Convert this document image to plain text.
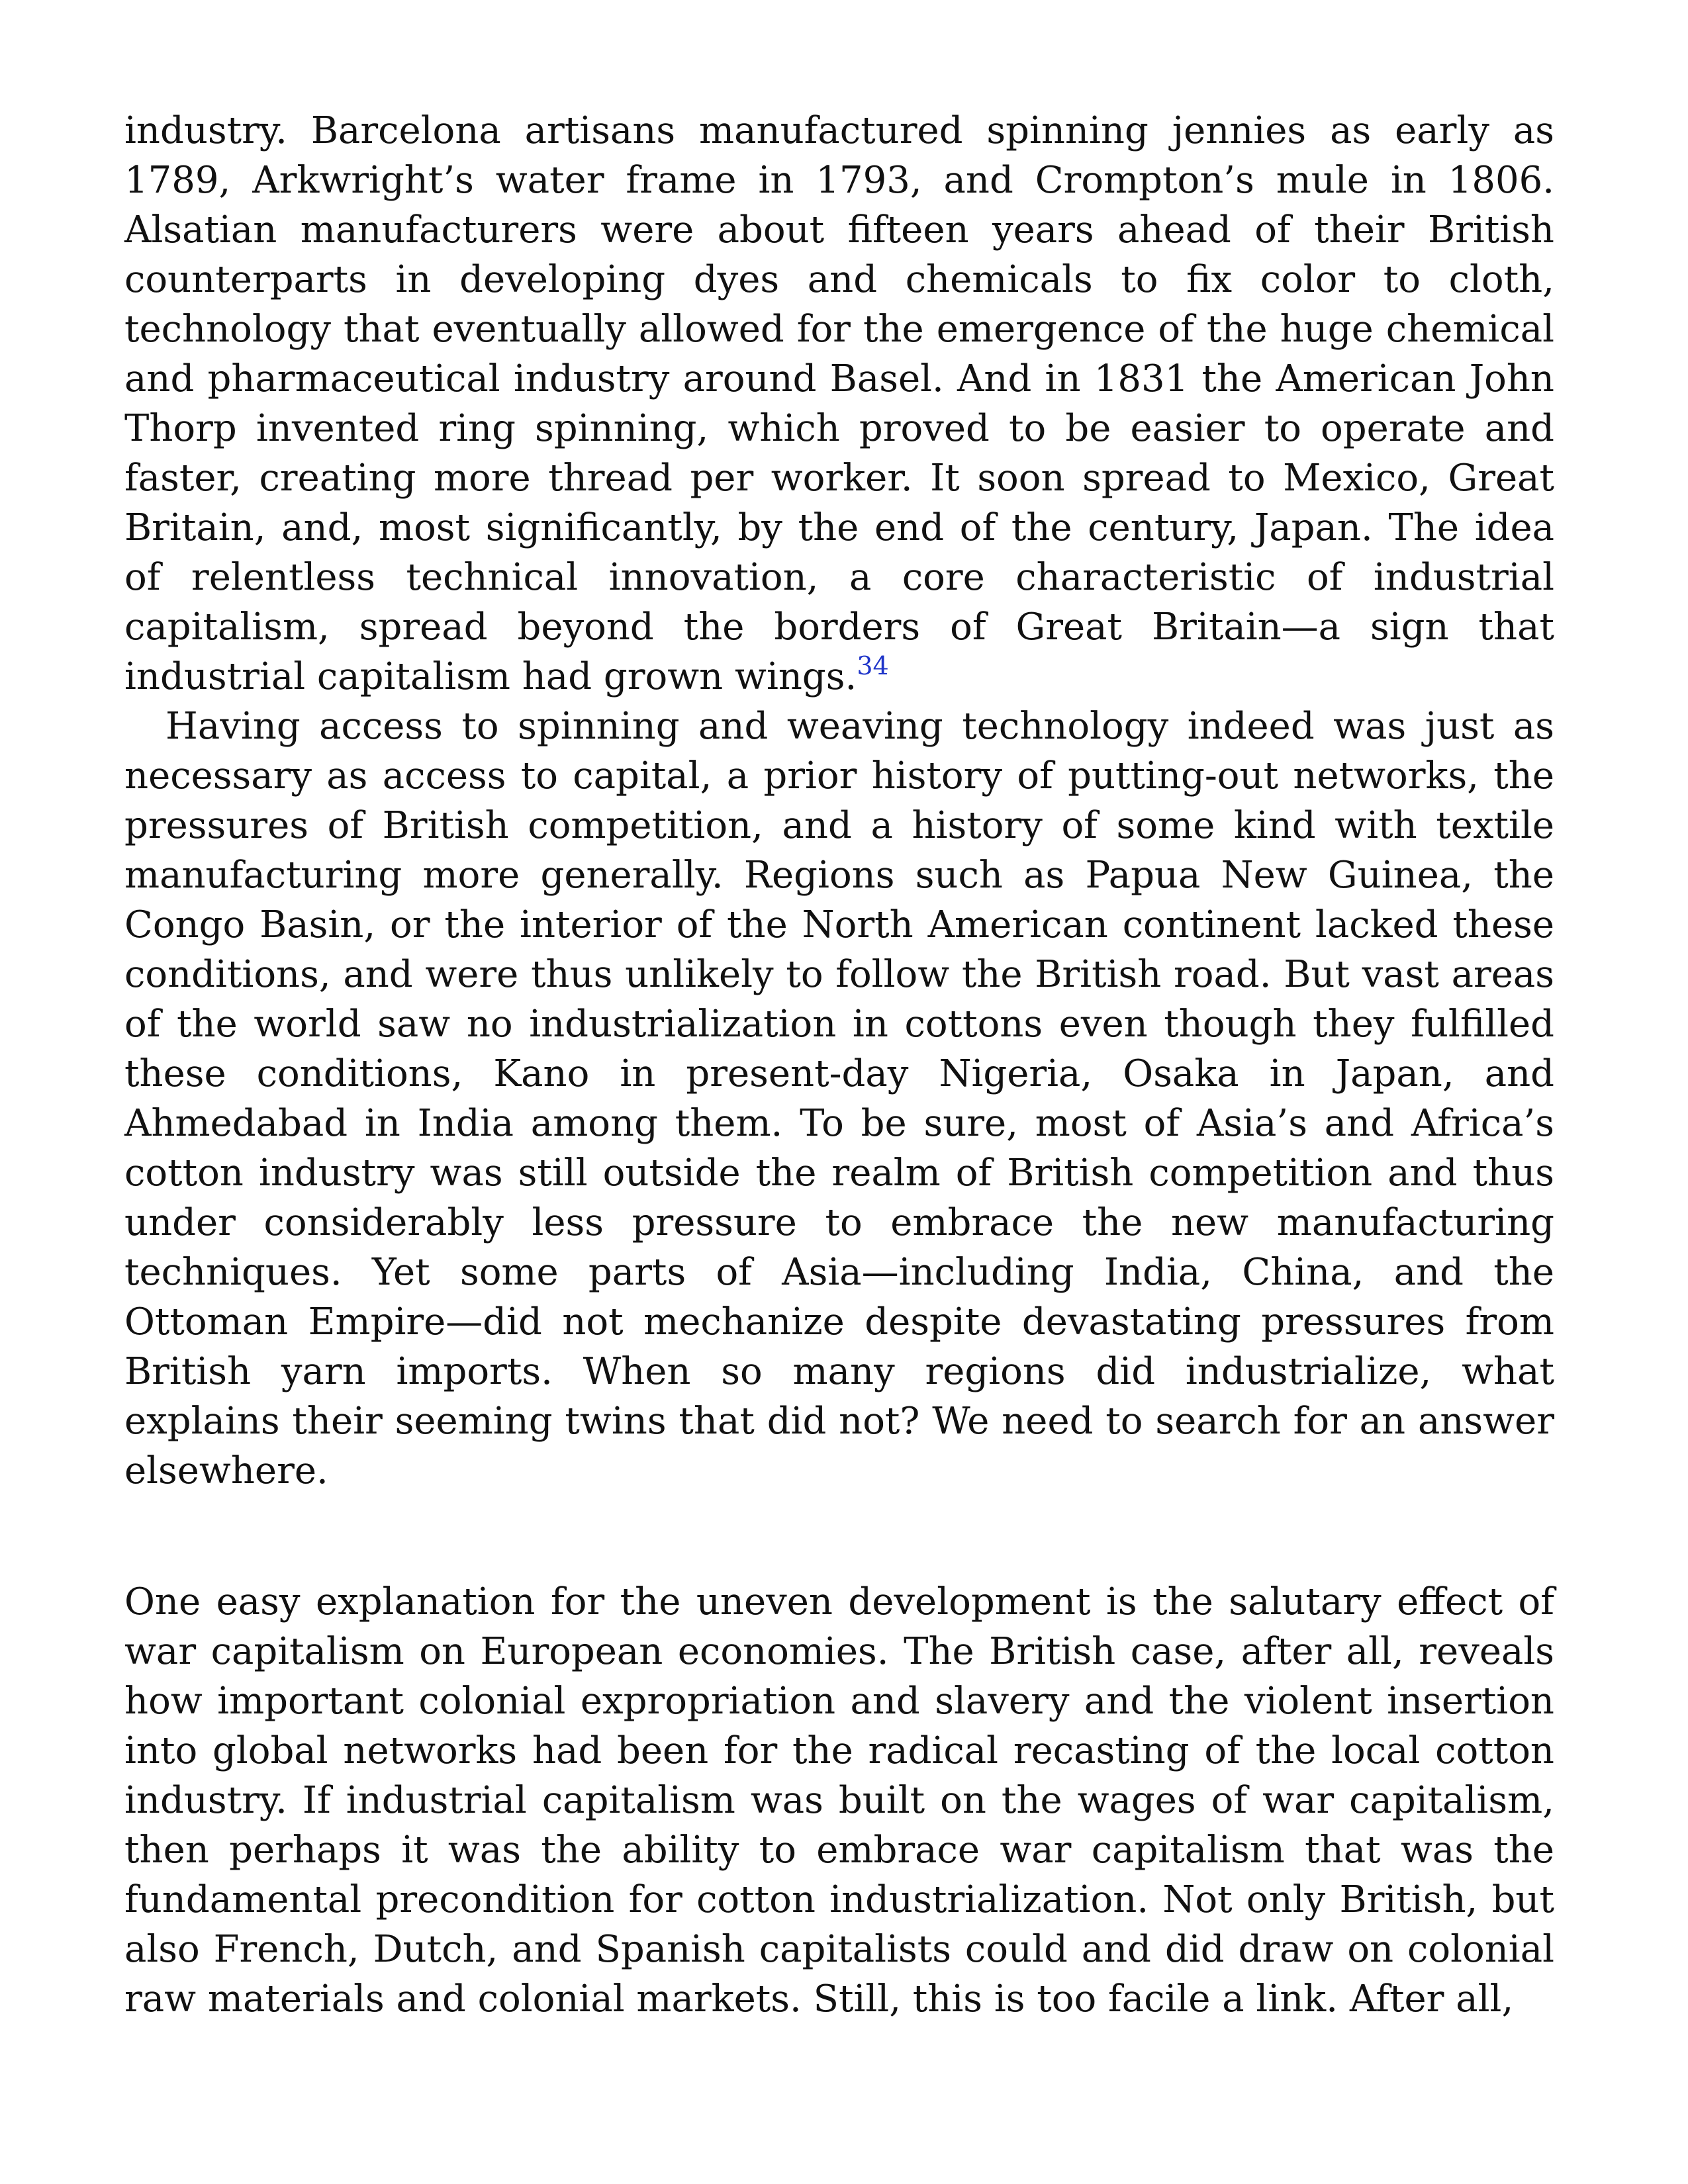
industry. Barcelona artisans manufactured spinning jennies as early as 1789, Arkwright’s water frame in 1793, and Crompton’s mule in 1806. Alsatian manufacturers were about fifteen years ahead of their British counterparts in developing dyes and chemicals to fix color to cloth, technology that eventually allowed for the emergence of the huge chemical and pharmaceutical industry around Basel. And in 1831 the American John Thorp invented ring spinning, which proved to be easier to operate and faster, creating more thread per worker. It soon spread to Mexico, Great Britain, and, most significantly, by the end of the century, Japan. The idea of relentless technical innovation, a core characteristic of industrial capitalism, spread beyond the borders of Great Britain—a sign that industrial capitalism had grown wings.$^{34}$

Having access to spinning and weaving technology indeed was just as necessary as access to capital, a prior history of putting-out networks, the pressures of British competition, and a history of some kind with textile manufacturing more generally. Regions such as Papua New Guinea, the Congo Basin, or the interior of the North American continent lacked these conditions, and were thus unlikely to follow the British road. But vast areas of the world saw no industrialization in cottons even though they fulfilled these conditions, Kano in present-day Nigeria, Osaka in Japan, and Ahmedabad in India among them. To be sure, most of Asia’s and Africa’s cotton industry was still outside the realm of British competition and thus under considerably less pressure to embrace the new manufacturing techniques. Yet some parts of Asia—including India, China, and the Ottoman Empire—did not mechanize despite devastating pressures from British yarn imports. When so many regions did industrialize, what explains their seeming twins that did not? We need to search for an answer elsewhere.

One easy explanation for the uneven development is the salutary effect of war capitalism on European economies. The British case, after all, reveals how important colonial expropriation and slavery and the violent insertion into global networks had been for the radical recasting of the local cotton industry. If industrial capitalism was built on the wages of war capitalism, then perhaps it was the ability to embrace war capitalism that was the fundamental precondition for cotton industrialization. Not only British, but also French, Dutch, and Spanish capitalists could and did draw on colonial raw materials and colonial markets. Still, this is too facile a link. After all,
